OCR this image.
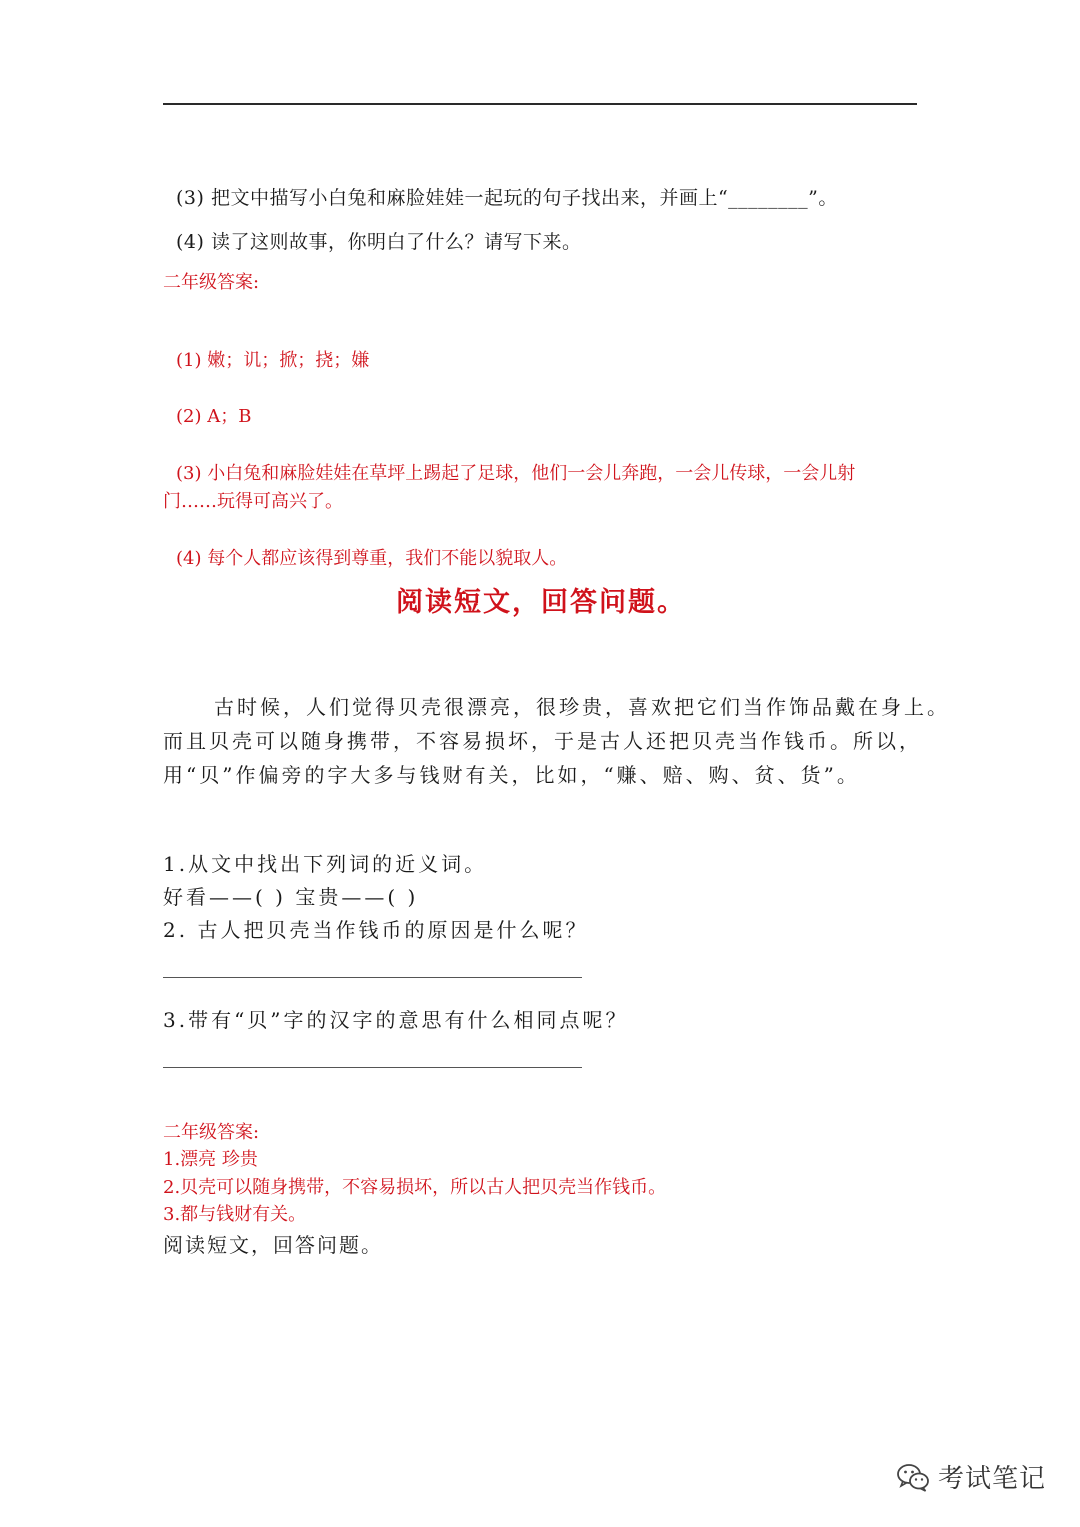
(3) 把文中描写小白兔和麻脸娃娃一起玩的句子找出来，并画上“________”。
(4) 读了这则故事，你明白了什么？请写下来。
二年级答案:
(1) 嫩；讥；掀；挠；嫌
(2) A；B
(3) 小白兔和麻脸娃娃在草坪上踢起了足球，他们一会儿奔跑，一会儿传球，一会儿射
门……玩得可高兴了。
(4) 每个人都应该得到尊重，我们不能以貌取人。
阅读短文，回答问题。
古时候，人们觉得贝壳很漂亮，很珍贵，喜欢把它们当作饰品戴在身上。
而且贝壳可以随身携带，不容易损坏，于是古人还把贝壳当作钱币。所以，
用“贝”作偏旁的字大多与钱财有关，比如，“赚、赔、购、贫、货”。
1.从文中找出下列词的近义词。
好看——( ) 宝贵——( )
2. 古人把贝壳当作钱币的原因是什么呢？
3.带有“贝”字的汉字的意思有什么相同点呢？
二年级答案:
1.漂亮 珍贵
2.贝壳可以随身携带，不容易损坏，所以古人把贝壳当作钱币。
3.都与钱财有关。
阅读短文，回答问题。
考试笔记
